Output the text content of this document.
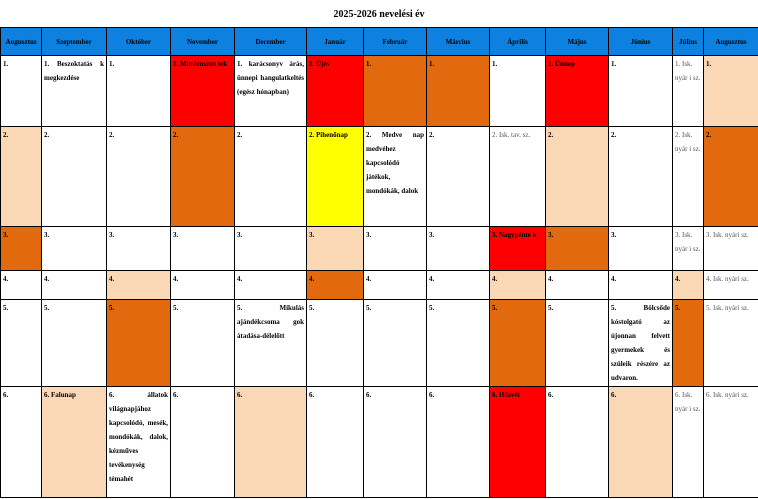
2025-2026 nevelési év
Augusztus	Szeptember	Október	November	December	Január	Február	Március	Április	Május	Június	Július	Augusztus
1.	1. Beszoktatás k megkezdése	1.	1. Mindenszen tek	1. karácsonyv árás, ünnepi hangulatkeltés (egész hónapban)	1. Újév	1.	1.	1.	1. Ünnep	1.	1. Isk. nyár i sz.	1.
2.	2.	2.	2.	2.	2. Pihenőnap	2. Medve nap medvéhez kapcsolódó játékok, mondókák, dalok	2.	2. Isk. tav. sz.	2.	2.	2. Isk. nyár i sz.	2.
3.	3.	3.	3.	3.	3.	3.	3.	3. Nagypénte k	3.	3.	3. Isk. nyár i sz.	3. Isk. nyári sz.
4.	4.	4.	4.	4.	4.	4.	4.	4.	4.	4.	4.	4. Isk. nyári sz.
5.	5.	5.	5.	5. Mikulás ajándékcsoma gok átadása-délelőtt	5.	5.	5.	5.	5.	5. Bölcsőde kóstolgató az újonnan felvett gyermekek és szüleik részére az udvaron.	5.	5. Isk. nyári sz.
6.	6. Falunap	6. állatok világnapjához kapcsolódó, mesék, mondókák, dalok, kézműves tevékenység témahét	6.	6.	6.	6.	6.	6. Húsvét	6.	6.	6. Isk. nyár i sz.	6. Isk. nyári sz.
